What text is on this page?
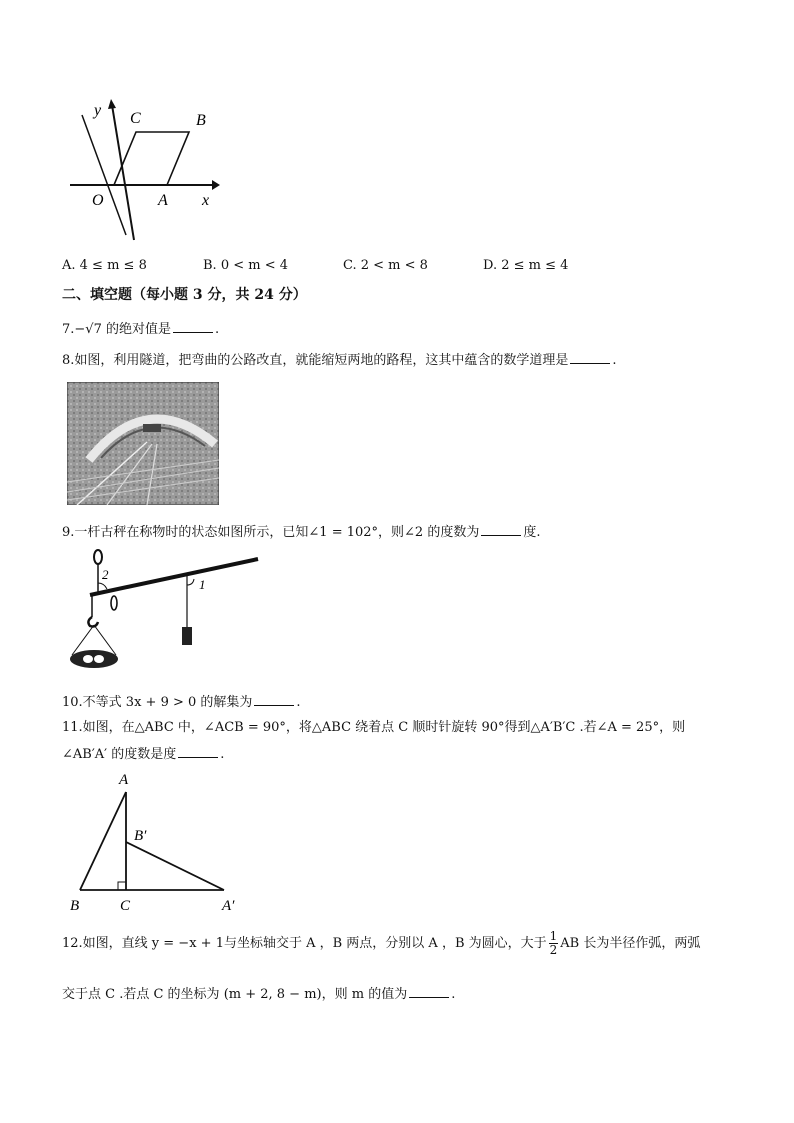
y C	B
O	A x
A. 4 ≤ m ≤ 8	B. 0 < m < 4	C. 2 < m < 8	D. 2 ≤ m ≤ 4
二、填空题（每小题 3 分，共 24 分）
7.−√7 的绝对值是	.
8.如图，利用隧道，把弯曲的公路改直，就能缩短两地的路程，这其中蕴含的数学道理是	.
9.一杆古秤在称物时的状态如图所示，已知∠1 = 102°，则∠2 的度数为	度.
2
1
10.不等式 3x + 9 > 0 的解集为	.
11.如图，在△ABC 中，∠ACB = 90°，将△ABC 绕着点 C 顺时针旋转 90°得到△A′B′C .若∠A = 25°，则
∠AB′A′ 的度数是度	.
A
B′
B	C	A′
12.如图，直线 y = −x + 1与坐标轴交于 A ，B 两点，分别以 A ，B 为圆心，大于 $\frac{1}{2}$ AB 长为半径作弧，两弧
交于点 C .若点 C 的坐标为 (m + 2, 8 − m)，则 m 的值为	.
